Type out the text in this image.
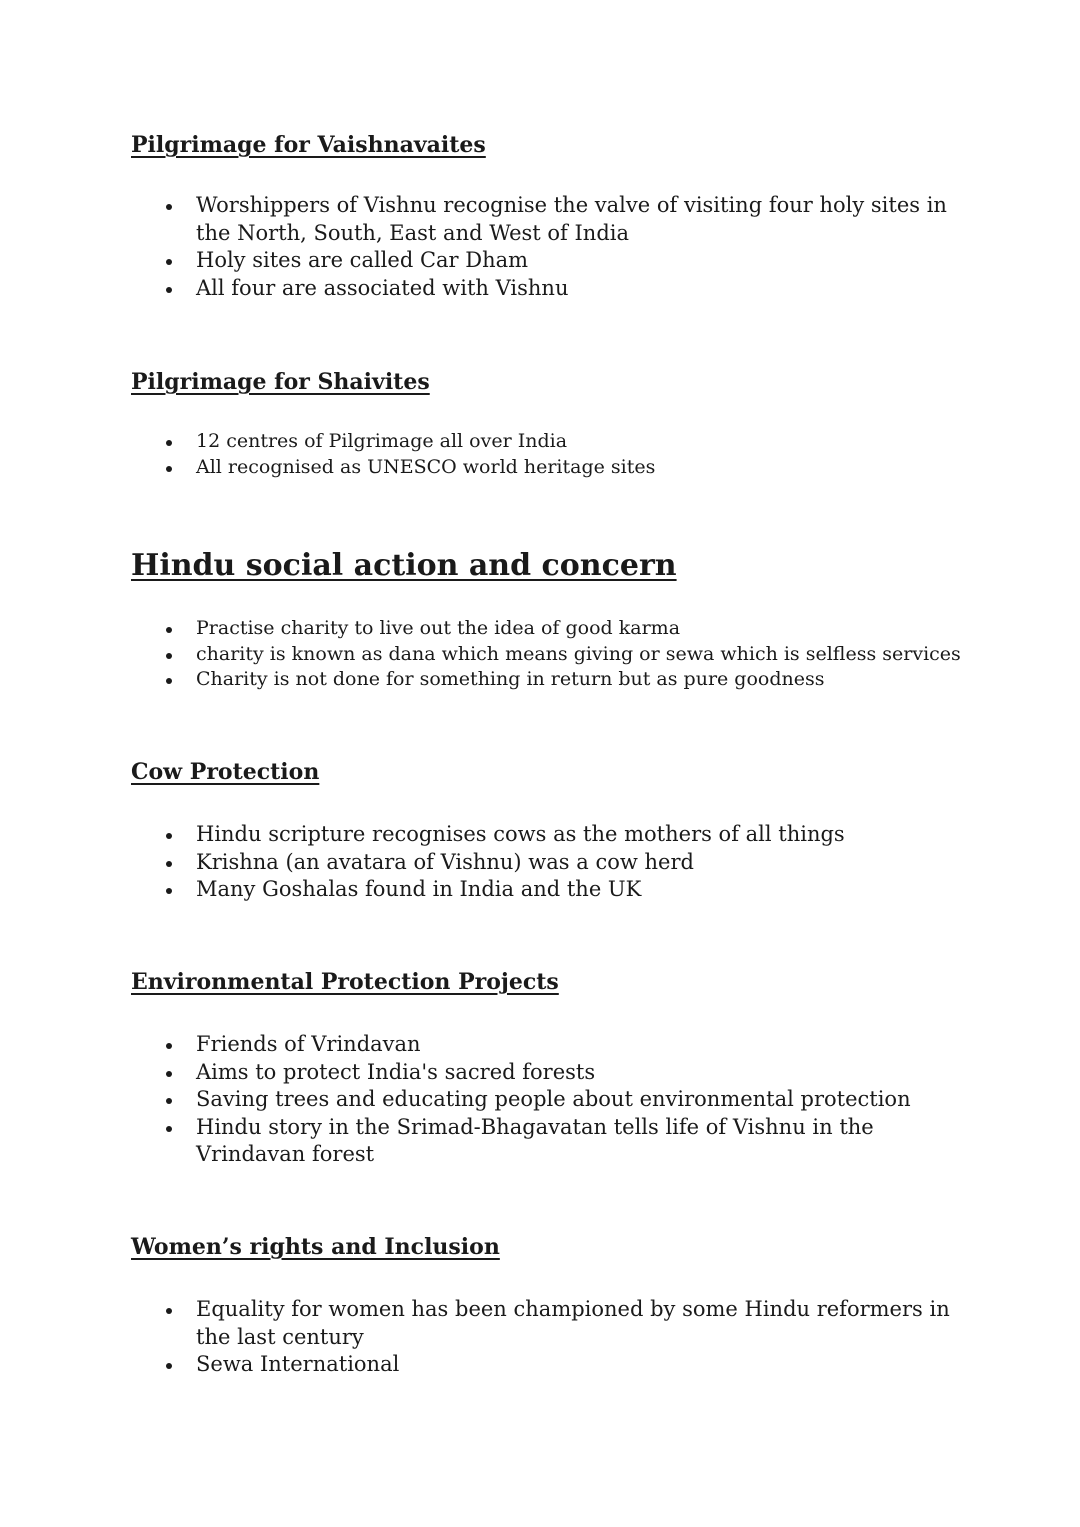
Pilgrimage for Vaishnavaites
Worshippers of Vishnu recognise the valve of visiting four holy sites in the North, South, East and West of India
Holy sites are called Car Dham
All four are associated with Vishnu
Pilgrimage for Shaivites
12 centres of Pilgrimage all over India
All recognised as UNESCO world heritage sites
Hindu social action and concern
Practise charity to live out the idea of good karma
charity is known as dana which means giving or sewa which is selfless services
Charity is not done for something in return but as pure goodness
Cow Protection
Hindu scripture recognises cows as the mothers of all things
Krishna (an avatara of Vishnu) was a cow herd
Many Goshalas found in India and the UK
Environmental Protection Projects
Friends of Vrindavan
Aims to protect India's sacred forests
Saving trees and educating people about environmental protection
Hindu story in the Srimad-Bhagavatan tells life of Vishnu in the Vrindavan forest
Women’s rights and Inclusion
Equality for women has been championed by some Hindu reformers in the last century
Sewa International
